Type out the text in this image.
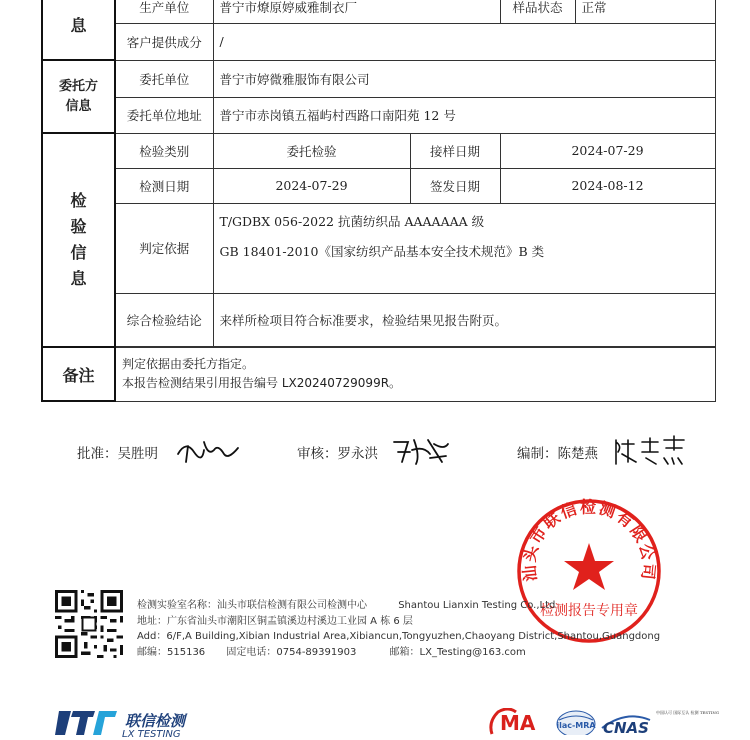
息	生产单位	普宁市燎原婷威雅制衣厂		样品状态	正常
	客户提供成分	/			

委托方
信息	委托单位	普宁市婷微雅服饰有限公司			
	委托单位地址	普宁市赤岗镇五福屿村西路口南阳苑 12 号			
检
验
信
息	检验类别	委托检验	接样日期	2024-07-29	
	检测日期	2024-07-29	签发日期	2024-08-12	
	判定依据	T/GDBX 056-2022 抗菌纺织品 AAAAAAA 级
GB 18401-2010《国家纺织产品基本安全技术规范》B 类			

	综合检验结论	来样所检项目符合标准要求，检验结果见报告附页。			

备注	判定依据由委托方指定。
本报告检测结果引用报告编号 LX20240729099R。				
批准：吴胜明	审核：罗永洪	编制：陈楚燕
汕头市联信检测有限公司
检测报告专用章
检测实验室名称：汕头市联信检测有限公司检测中心	Shantou Lianxin Testing Co.,Ltd
地址：广东省汕头市潮阳区铜盂镇溪边村溪边工业园 A 栋 6 层
Add：6/F,A Building,Xibian Industrial Area,Xibiancun,Tongyuzhen,Chaoyang District,Shantou,Guangdong
邮编：515136 固定电话：0754-89391903	邮箱：LX_Testing@163.com
联信检测
LX TESTING	MA	ilac-MRA CNAS
中国认可 国际互认 检测 TESTING
